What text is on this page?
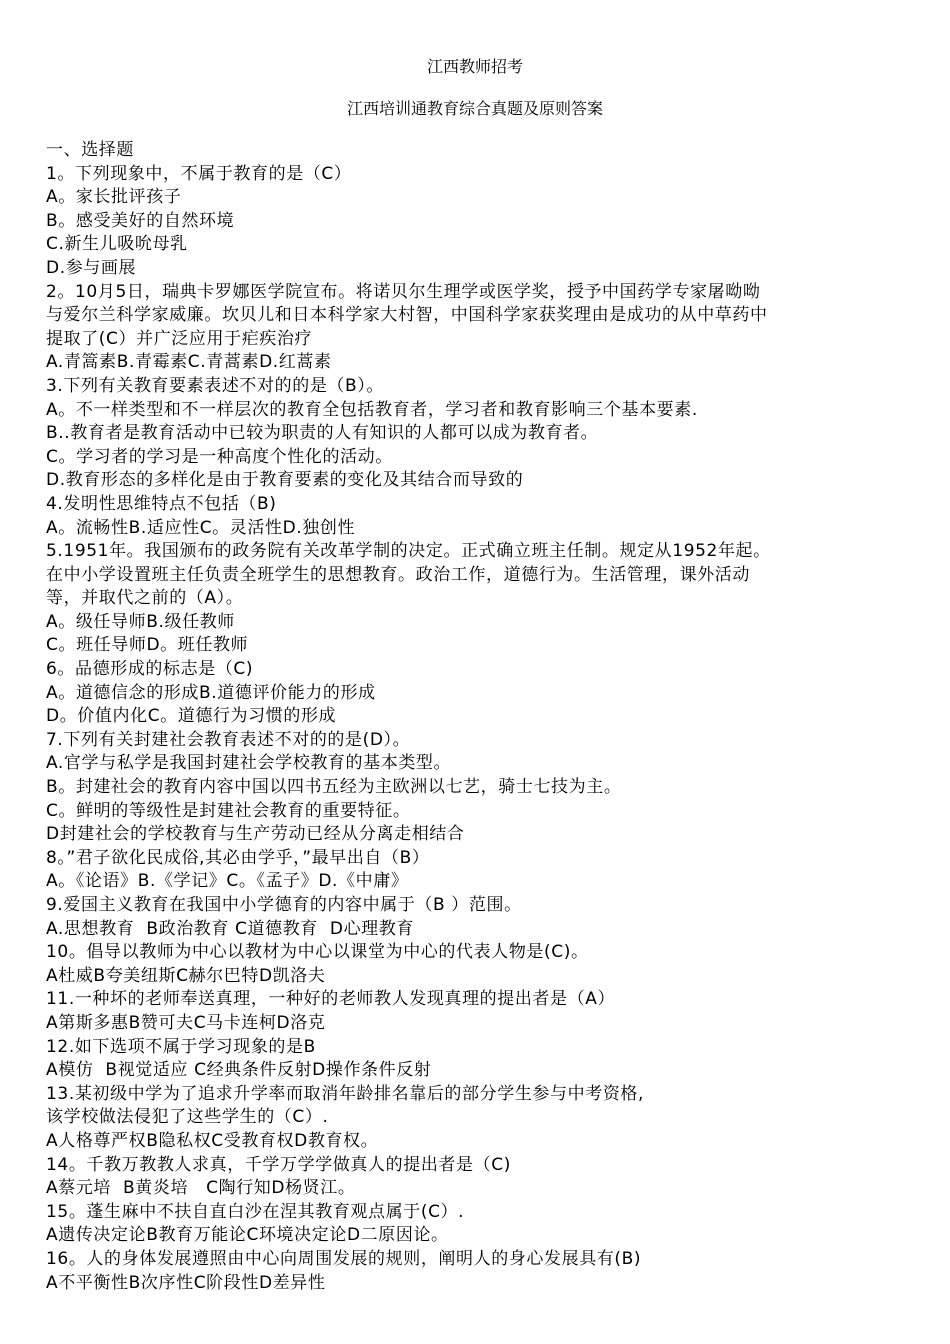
江西教师招考
江西培训通教育综合真题及原则答案
一、选择题
1。下列现象中，不属于教育的是（C）
A。家长批评孩子
B。感受美好的自然环境
C.新生儿吸吮母乳
D.参与画展
2。10月5日，瑞典卡罗娜医学院宣布。将诺贝尔生理学或医学奖，授予中国药学专家屠呦呦
与爱尔兰科学家威廉。坎贝儿和日本科学家大村智，中国科学家获奖理由是成功的从中草药中
提取了(C）并广泛应用于疟疾治疗
A.青篙素B.青霉素C.青蒿素D.红蒿素
3.下列有关教育要素表述不对的的是（B）。
A。不一样类型和不一样层次的教育全包括教育者，学习者和教育影响三个基本要素.
B..教育者是教育活动中已较为职责的人有知识的人都可以成为教育者。
C。学习者的学习是一种高度个性化的活动。
D.教育形态的多样化是由于教育要素的变化及其结合而导致的
4.发明性思维特点不包括（B)
A。流畅性B.适应性C。灵活性D.独创性
5.1951年。我国颁布的政务院有关改革学制的决定。正式确立班主任制。规定从1952年起。
在中小学设置班主任负责全班学生的思想教育。政治工作，道德行为。生活管理，课外活动
等，并取代之前的（A）。
A。级任导师B.级任教师
C。班任导师D。班任教师
6。品德形成的标志是（C)
A。道德信念的形成B.道德评价能力的形成
D。价值内化C。道德行为习惯的形成
7.下列有关封建社会教育表述不对的的是(D）。
A.官学与私学是我国封建社会学校教育的基本类型。
B。封建社会的教育内容中国以四书五经为主欧洲以七艺，骑士七技为主。
C。鲜明的等级性是封建社会教育的重要特征。
D封建社会的学校教育与生产劳动已经从分离走相结合
8。”君子欲化民成俗,其必由学乎，”最早出自（B）
A。《论语》B.《学记》C。《孟子》D.《中庸》
9.爱国主义教育在我国中小学德育的内容中属于（B ）范围。
A.思想教育  B政治教育 C道德教育  D心理教育
10。倡导以教师为中心以教材为中心以课堂为中心的代表人物是(C)。
A杜威B夸美纽斯C赫尔巴特D凯洛夫
11.一种坏的老师奉送真理，一种好的老师教人发现真理的提出者是（A）
A第斯多惠B赞可夫C马卡连柯D洛克
12.如下选项不属于学习现象的是B
A模仿  B视觉适应 C经典条件反射D操作条件反射
13.某初级中学为了追求升学率而取消年龄排名靠后的部分学生参与中考资格,
该学校做法侵犯了这些学生的（C）.
A人格尊严权B隐私权C受教育权D教育权。
14。千教万教教人求真，千学万学学做真人的提出者是（C)
A蔡元培  B黄炎培   C陶行知D杨贤江。
15。蓬生麻中不扶自直白沙在涅其教育观点属于(C）.
A遗传决定论B教育万能论C环境决定论D二原因论。
16。人的身体发展遵照由中心向周围发展的规则，阐明人的身心发展具有(B)
A不平衡性B次序性C阶段性D差异性
